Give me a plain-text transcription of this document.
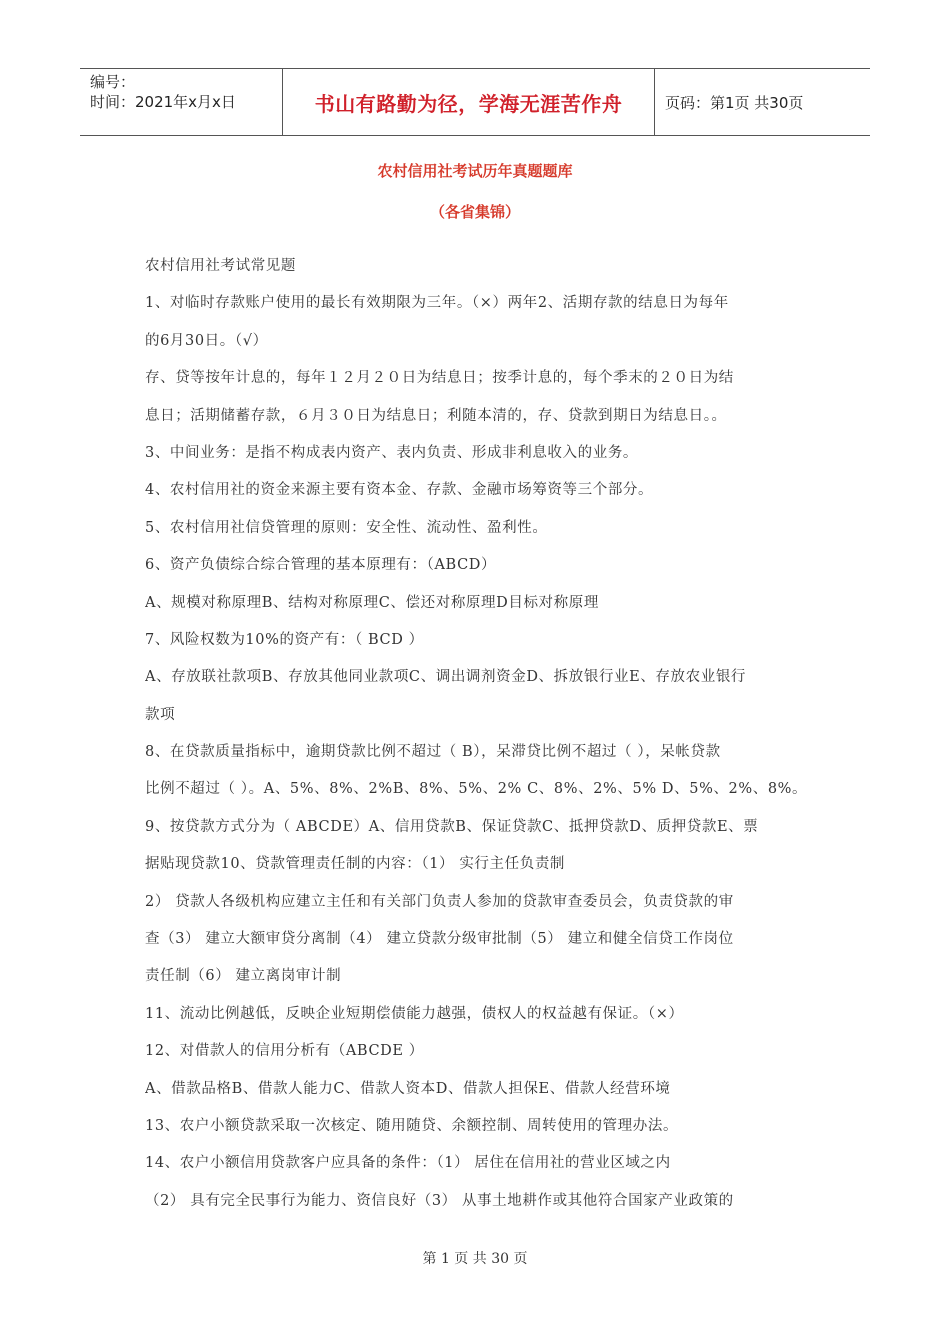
编号：
时间：2021年x月x日	书山有路勤为径，学海无涯苦作舟	页码：第1页 共30页
农村信用社考试历年真题题库
（各省集锦）
农村信用社考试常见题
1、对临时存款账户使用的最长有效期限为三年。（×）两年2、活期存款的结息日为每年
的6月30日。（√）
存、贷等按年计息的，每年１２月２０日为结息日；按季计息的，每个季末的２０日为结
息日；活期储蓄存款，６月３０日为结息日；利随本清的，存、贷款到期日为结息日。。
3、中间业务：是指不构成表内资产、表内负责、形成非利息收入的业务。
4、农村信用社的资金来源主要有资本金、存款、金融市场筹资等三个部分。
5、农村信用社信贷管理的原则：安全性、流动性、盈利性。
6、资产负债综合综合管理的基本原理有：（ABCD）
A、规模对称原理B、结构对称原理C、偿还对称原理D目标对称原理
7、风险权数为10%的资产有：（ BCD ）
A、存放联社款项B、存放其他同业款项C、调出调剂资金D、拆放银行业E、存放农业银行
款项
8、在贷款质量指标中，逾期贷款比例不超过（ B），呆滞贷比例不超过（ ），呆帐贷款
比例不超过（ ）。A、5%、8%、2%B、8%、5%、2% C、8%、2%、5% D、5%、2%、8%。
9、按贷款方式分为（ ABCDE）A、信用贷款B、保证贷款C、抵押贷款D、质押贷款E、票
据贴现贷款10、贷款管理责任制的内容：（1） 实行主任负责制
2） 贷款人各级机构应建立主任和有关部门负责人参加的贷款审查委员会，负责贷款的审
查（3） 建立大额审贷分离制（4） 建立贷款分级审批制（5） 建立和健全信贷工作岗位
责任制（6） 建立离岗审计制
11、流动比例越低，反映企业短期偿债能力越强，债权人的权益越有保证。（×）
12、对借款人的信用分析有（ABCDE ）
A、借款品格B、借款人能力C、借款人资本D、借款人担保E、借款人经营环境
13、农户小额贷款采取一次核定、随用随贷、余额控制、周转使用的管理办法。
14、农户小额信用贷款客户应具备的条件：（1） 居住在信用社的营业区域之内
（2） 具有完全民事行为能力、资信良好（3） 从事土地耕作或其他符合国家产业政策的
第 1 页 共 30 页
